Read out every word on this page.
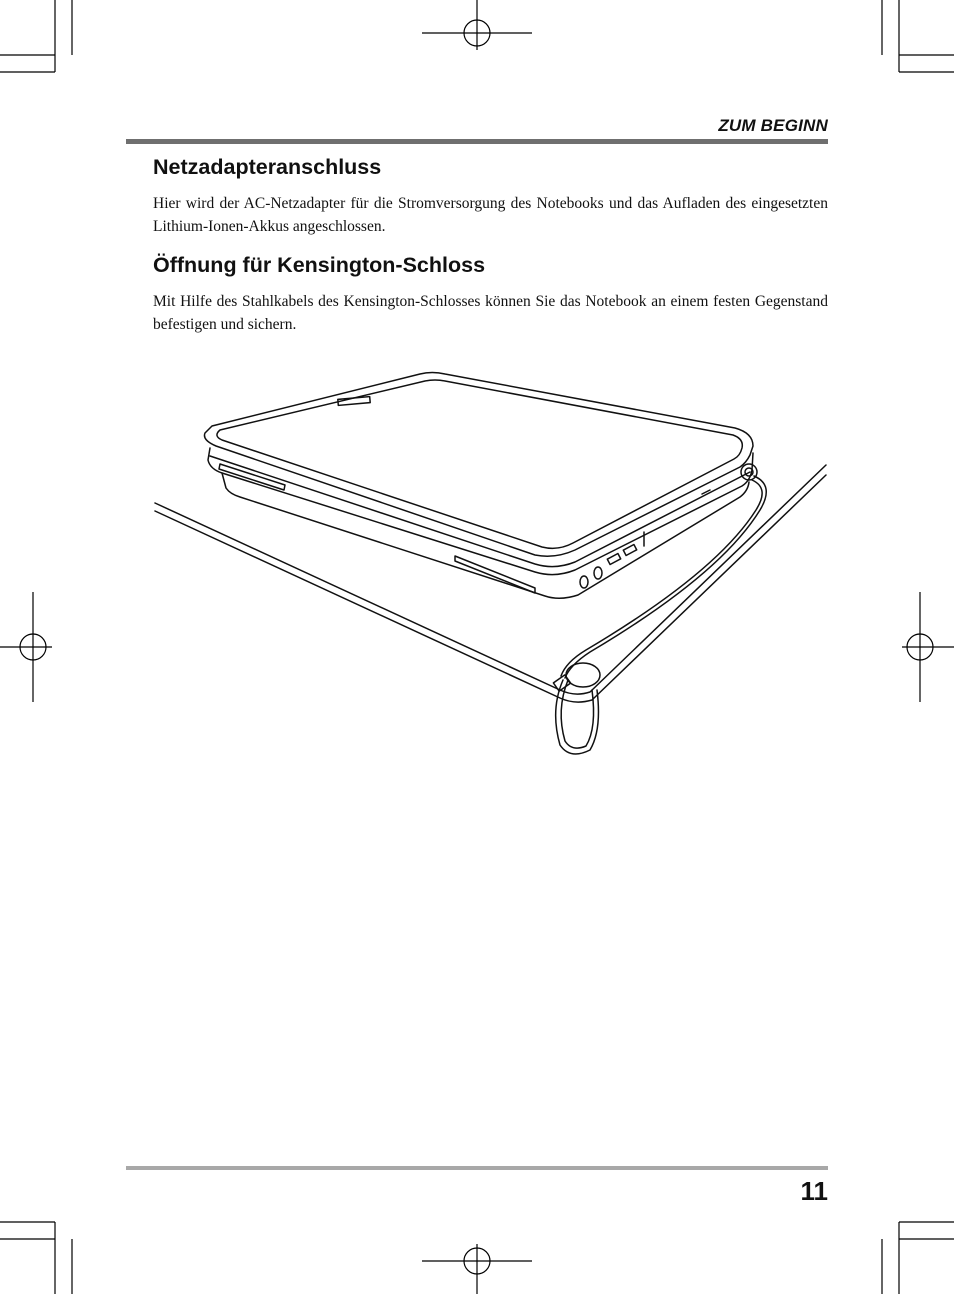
ZUM BEGINN
Netzadapteranschluss

Hier wird der AC-Netzadapter für die Stromversorgung des Notebooks und das Aufladen des eingesetzten Lithium-Ionen-Akkus angeschlossen.

Öffnung für Kensington-Schloss

Mit Hilfe des Stahlkabels des Kensington-Schlosses können Sie das Notebook an einem festen Gegenstand befestigen und sichern.

11
